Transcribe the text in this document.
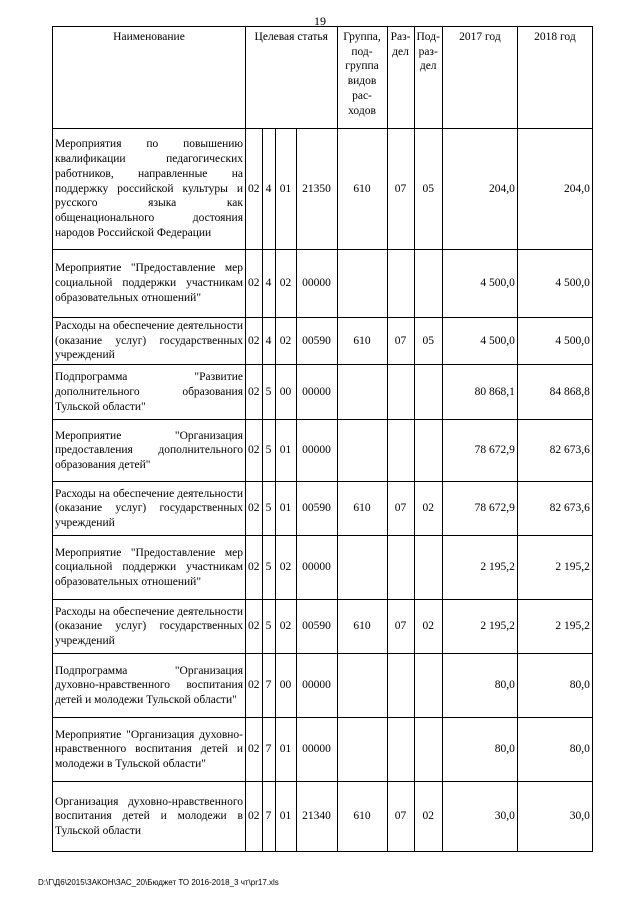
19
Наименование	Целевая статья				Группа, под-группа видов рас-ходов	Раз-дел	Под-раз-дел	2017 год	2018 год
Мероприятия по повышению квалификации педагогических работников, направленные на поддержку российской культуры и русского языка как общенационального достояния народов Российской Федерации	02	4	01	21350	610	07	05	204,0	204,0
Мероприятие "Предоставление мер социальной поддержки участникам образовательных отношений"	02	4	02	00000				4 500,0	4 500,0
Расходы на обеспечение деятельности (оказание услуг) государственных учреждений	02	4	02	00590	610	07	05	4 500,0	4 500,0
Подпрограмма "Развитие дополнительного образования Тульской области"	02	5	00	00000				80 868,1	84 868,8
Мероприятие "Организация предоставления дополнительного образования детей"	02	5	01	00000				78 672,9	82 673,6
Расходы на обеспечение деятельности (оказание услуг) государственных учреждений	02	5	01	00590	610	07	02	78 672,9	82 673,6
Мероприятие "Предоставление мер социальной поддержки участникам образовательных отношений"	02	5	02	00000				2 195,2	2 195,2
Расходы на обеспечение деятельности (оказание услуг) государственных учреждений	02	5	02	00590	610	07	02	2 195,2	2 195,2
Подпрограмма "Организация духовно-нравственного воспитания детей и молодежи Тульской области"	02	7	00	00000				80,0	80,0
Мероприятие "Организация духовно-нравственного воспитания детей и молодежи в Тульской области"	02	7	01	00000				80,0	80,0
Организация духовно-нравственного воспитания детей и молодежи в Тульской области	02	7	01	21340	610	07	02	30,0	30,0
D:\Г\Д6\2015\ЗАКОН\ЗАС_20\Бюджет ТО 2016-2018_3 чт\pr17.xls
